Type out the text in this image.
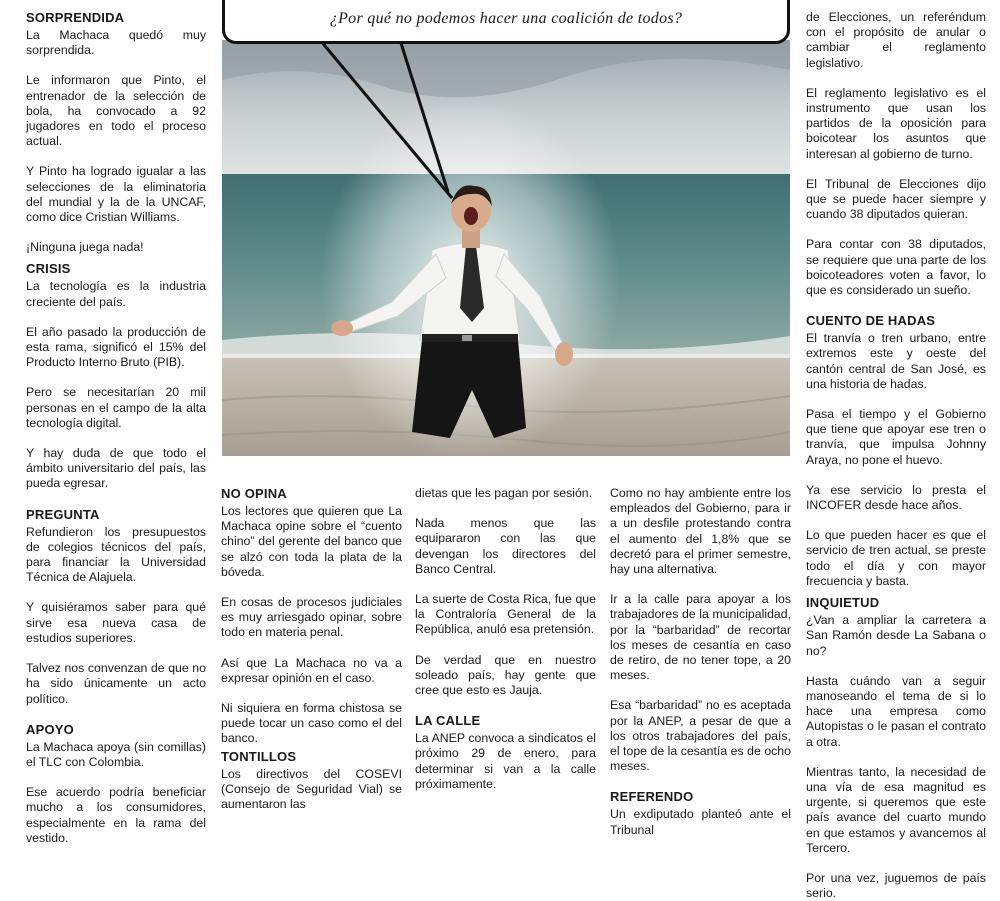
¿Por qué no podemos hacer una coalición de todos?
SORPRENDIDA

La Machaca quedó muy sorprendida.

Le informaron que Pinto, el entrenador de la selección de bola, ha convocado a 92 jugadores en todo el proceso actual.

Y Pinto ha logrado igualar a las selecciones de la eliminatoria del mundial y la de la UNCAF, como dice Cristian Williams.

¡Ninguna juega nada!

CRISIS

La tecnología es la industria creciente del país.

El año pasado la producción de esta rama, significó el 15% del Producto Interno Bruto (PIB).

Pero se necesitarían 20 mil personas en el campo de la alta tecnología digital.

Y hay duda de que todo el ámbito universitario del país, las pueda egresar.

PREGUNTA

Refundieron los presupuestos de colegios técnicos del país, para financiar la Universidad Técnica de Alajuela.

Y quisiéramos saber para qué sirve esa nueva casa de estudios superiores.

Talvez nos convenzan de que no ha sido únicamente un acto político.

APOYO

La Machaca apoya (sin comillas) el TLC con Colombia.

Ese acuerdo podría beneficiar mucho a los consumidores, especialmente en la rama del vestido.

NO OPINA

Los lectores que quieren que La Machaca opine sobre el “cuento chino” del gerente del banco que se alzó con toda la plata de la bóveda.

En cosas de procesos judiciales es muy arriesgado opinar, sobre todo en materia penal.

Así que La Machaca no va a expresar opinión en el caso.

Ni siquiera en forma chistosa se puede tocar un caso como el del banco.

TONTILLOS

Los directivos del COSEVI (Consejo de Seguridad Vial) se aumentaron las

dietas que les pagan por sesión.

Nada menos que las equipararon con las que devengan los directores del Banco Central.

La suerte de Costa Rica, fue que la Contraloría General de la República, anuló esa pretensión.

De verdad que en nuestro soleado país, hay gente que cree que esto es Jauja.

LA CALLE

La ANEP convoca a sindicatos el próximo 29 de enero, para determinar si van a la calle próximamente.

Como no hay ambiente entre los empleados del Gobierno, para ir a un desfile protestando contra el aumento del 1,8% que se decretó para el primer semestre, hay una alternativa.

Ir a la calle para apoyar a los trabajadores de la municipalidad, por la “barbaridad” de recortar los meses de cesantía en caso de retiro, de no tener tope, a 20 meses.

Esa “barbaridad” no es aceptada por la ANEP, a pesar de que a los otros trabajadores del país, el tope de la cesantía es de ocho meses.

REFERENDO

Un exdiputado planteó ante el Tribunal

de Elecciones, un referéndum con el propósito de anular o cambiar el reglamento legislativo.

El reglamento legislativo es el instrumento que usan los partidos de la oposición para boicotear los asuntos que interesan al gobierno de turno.

El Tribunal de Elecciones dijo que se puede hacer siempre y cuando 38 diputados quieran.

Para contar con 38 diputados, se requiere que una parte de los boicoteadores voten a favor, lo que es considerado un sueño.

CUENTO DE HADAS

El tranvía o tren urbano, entre extremos este y oeste del cantón central de San José, es una historia de hadas.

Pasa el tiempo y el Gobierno que tiene que apoyar ese tren o tranvía, que impulsa Johnny Araya, no pone el huevo.

Ya ese servicio lo presta el INCOFER desde hace años.

Lo que pueden hacer es que el servicio de tren actual, se preste todo el día y con mayor frecuencia y basta.

INQUIETUD

¿Van a ampliar la carretera a San Ramón desde La Sabana o no?

Hasta cuándo van a seguir manoseando el tema de si lo hace una empresa como Autopistas o le pasan el contrato a otra.

Mientras tanto, la necesidad de una vía de esa magnitud es urgente, si queremos que este país avance del cuarto mundo en que estamos y avancemos al Tercero.

Por una vez, juguemos de país serio.
